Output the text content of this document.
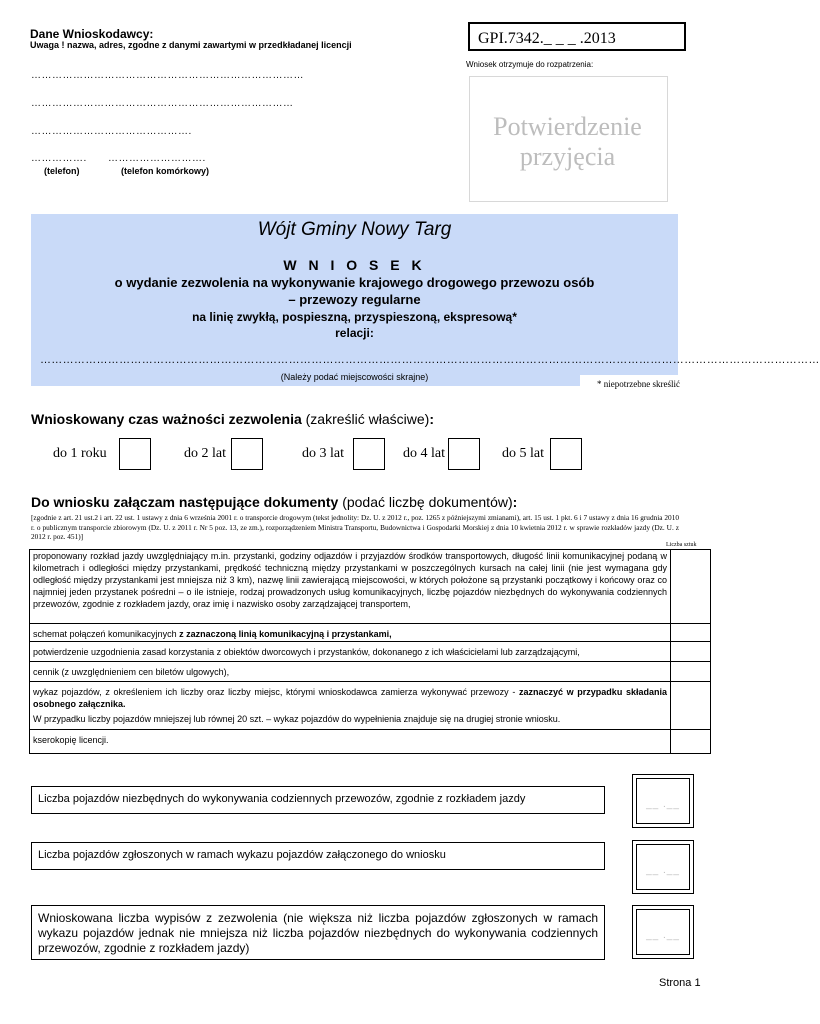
Dane Wnioskodawcy:
Uwaga ! nazwa, adres, zgodne z danymi zawartymi w przedkładanej licencji
……………………………………………………………………
…………………………………………………………………
……………………………………….
……………. ……………………….
(telefon)	(telefon komórkowy)
GPI.7342._ _ _ .2013
Wniosek otrzymuje do rozpatrzenia:
Potwierdzenie
przyjęcia
Wójt Gminy Nowy Targ
W N I O S E K
o wydanie zezwolenia na wykonywanie krajowego drogowego przewozu osób
– przewozy regularne
na linię zwykłą, pospieszną, przyspieszoną, ekspresową*
relacji:
………………………………………………………………………………………………………………………………………………………………………………………
(Należy podać miejscowości skrajne)
* niepotrzebne skreślić
Wnioskowany czas ważności zezwolenia (zakreślić właściwe):
do 1 roku	do 2 lat	do 3 lat	do 4 lat	do 5 lat
Do wniosku załączam następujące dokumenty (podać liczbę dokumentów):
[zgodnie z art. 21 ust.2 i art. 22 ust. 1 ustawy z dnia 6 września 2001 r. o transporcie drogowym (tekst jednolity: Dz. U. z 2012 r., poz. 1265 z późniejszymi zmianami), art. 15 ust. 1 pkt. 6 i 7 ustawy z dnia 16 grudnia 2010 r. o publicznym transporcie zbiorowym (Dz. U. z 2011 r. Nr 5 poz. 13, ze zm.), rozporządzeniem Ministra Transportu, Budownictwa i Gospodarki Morskiej z dnia 10 kwietnia 2012 r. w sprawie rozkładów jazdy (Dz. U. z 2012 r. poz. 451)]
Liczba sztuk
proponowany rozkład jazdy uwzględniający m.in. przystanki, godziny odjazdów i przyjazdów środków transportowych, długość linii komunikacyjnej podaną w kilometrach i odległości między przystankami, prędkość techniczną między przystankami w poszczególnych kursach na całej linii (nie jest wymagana gdy odległość między przystankami jest mniejsza niż 3 km), nazwę linii zawierającą miejscowości, w których położone są przystanki początkowy i końcowy oraz co najmniej jeden przystanek pośredni – o ile istnieje, rodzaj prowadzonych usług komunikacyjnych, liczbę pojazdów niezbędnych do wykonywania codziennych przewozów, zgodnie z rozkładem jazdy, oraz imię i nazwisko osoby zarządzającej transportem,	
schemat połączeń komunikacyjnych z zaznaczoną linią komunikacyjną i przystankami,	
potwierdzenie uzgodnienia zasad korzystania z obiektów dworcowych i przystanków, dokonanego z ich właścicielami lub zarządzającymi,	
cennik (z uwzględnieniem cen biletów ulgowych),	
wykaz pojazdów, z określeniem ich liczby oraz liczby miejsc, którymi wnioskodawca zamierza wykonywać przewozy - zaznaczyć w przypadku składania osobnego załącznika.
W przypadku liczby pojazdów mniejszej lub równej 20 szt. – wykaz pojazdów do wypełnienia znajduje się na drugiej stronie wniosku.	

kserokopię licencji.	
Liczba pojazdów niezbędnych do wykonywania codziennych przewozów, zgodnie z rozkładem jazdy	__ .__
Liczba pojazdów zgłoszonych w ramach wykazu pojazdów załączonego do wniosku
__ .__
Wnioskowana liczba wypisów z zezwolenia (nie większa niż liczba pojazdów zgłoszonych w ramach wykazu pojazdów jednak nie mniejsza niż liczba pojazdów niezbędnych do wykonywania codziennych przewozów, zgodnie z rozkładem jazdy)
__ .__
Strona 1
